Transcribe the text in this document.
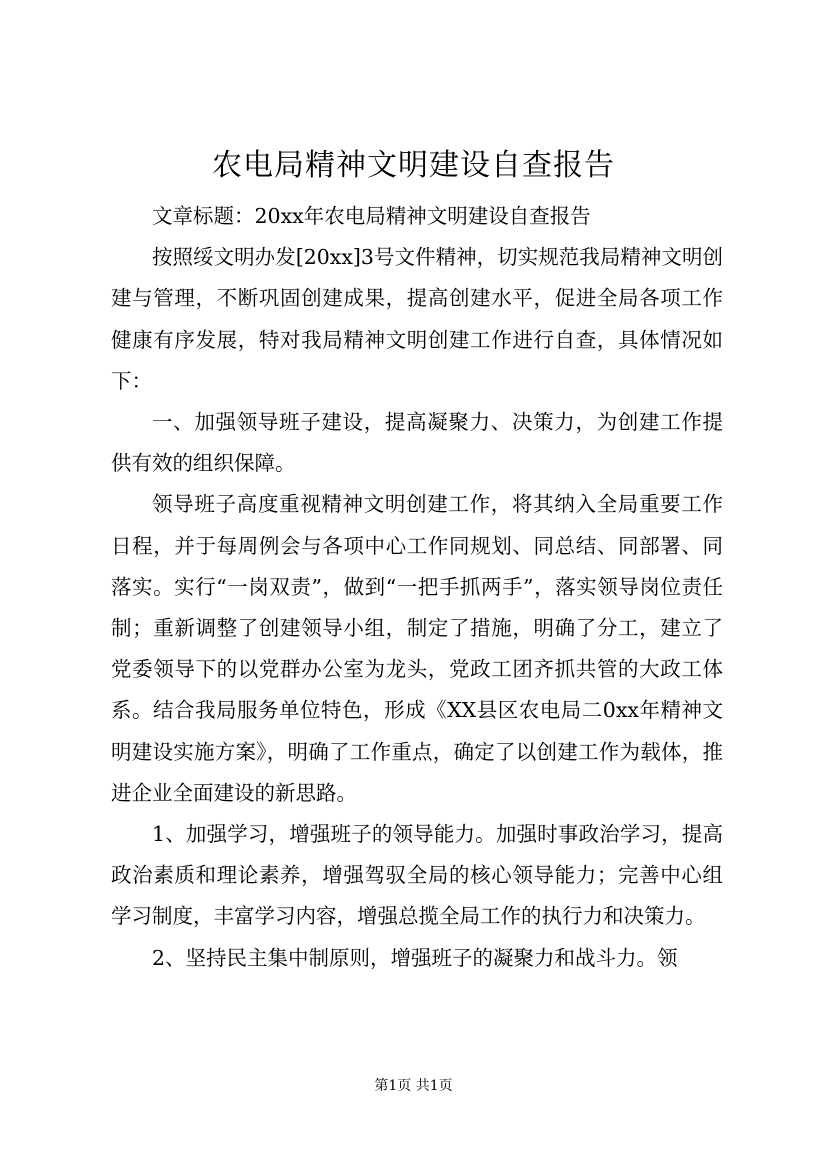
农电局精神文明建设自查报告

文章标题：20xx年农电局精神文明建设自查报告

按照绥文明办发[20xx]3号文件精神，切实规范我局精神文明创建与管理，不断巩固创建成果，提高创建水平，促进全局各项工作健康有序发展，特对我局精神文明创建工作进行自查，具体情况如下：

一、加强领导班子建设，提高凝聚力、决策力，为创建工作提供有效的组织保障。

领导班子高度重视精神文明创建工作，将其纳入全局重要工作日程，并于每周例会与各项中心工作同规划、同总结、同部署、同落实。实行“一岗双责”，做到“一把手抓两手”，落实领导岗位责任制；重新调整了创建领导小组，制定了措施，明确了分工，建立了党委领导下的以党群办公室为龙头，党政工团齐抓共管的大政工体系。结合我局服务单位特色，形成《XX县区农电局二0xx年精神文明建设实施方案》，明确了工作重点，确定了以创建工作为载体，推进企业全面建设的新思路。

1、加强学习，增强班子的领导能力。加强时事政治学习，提高政治素质和理论素养，增强驾驭全局的核心领导能力；完善中心组学习制度，丰富学习内容，增强总揽全局工作的执行力和决策力。

2、坚持民主集中制原则，增强班子的凝聚力和战斗力。领

第1页 共1页
